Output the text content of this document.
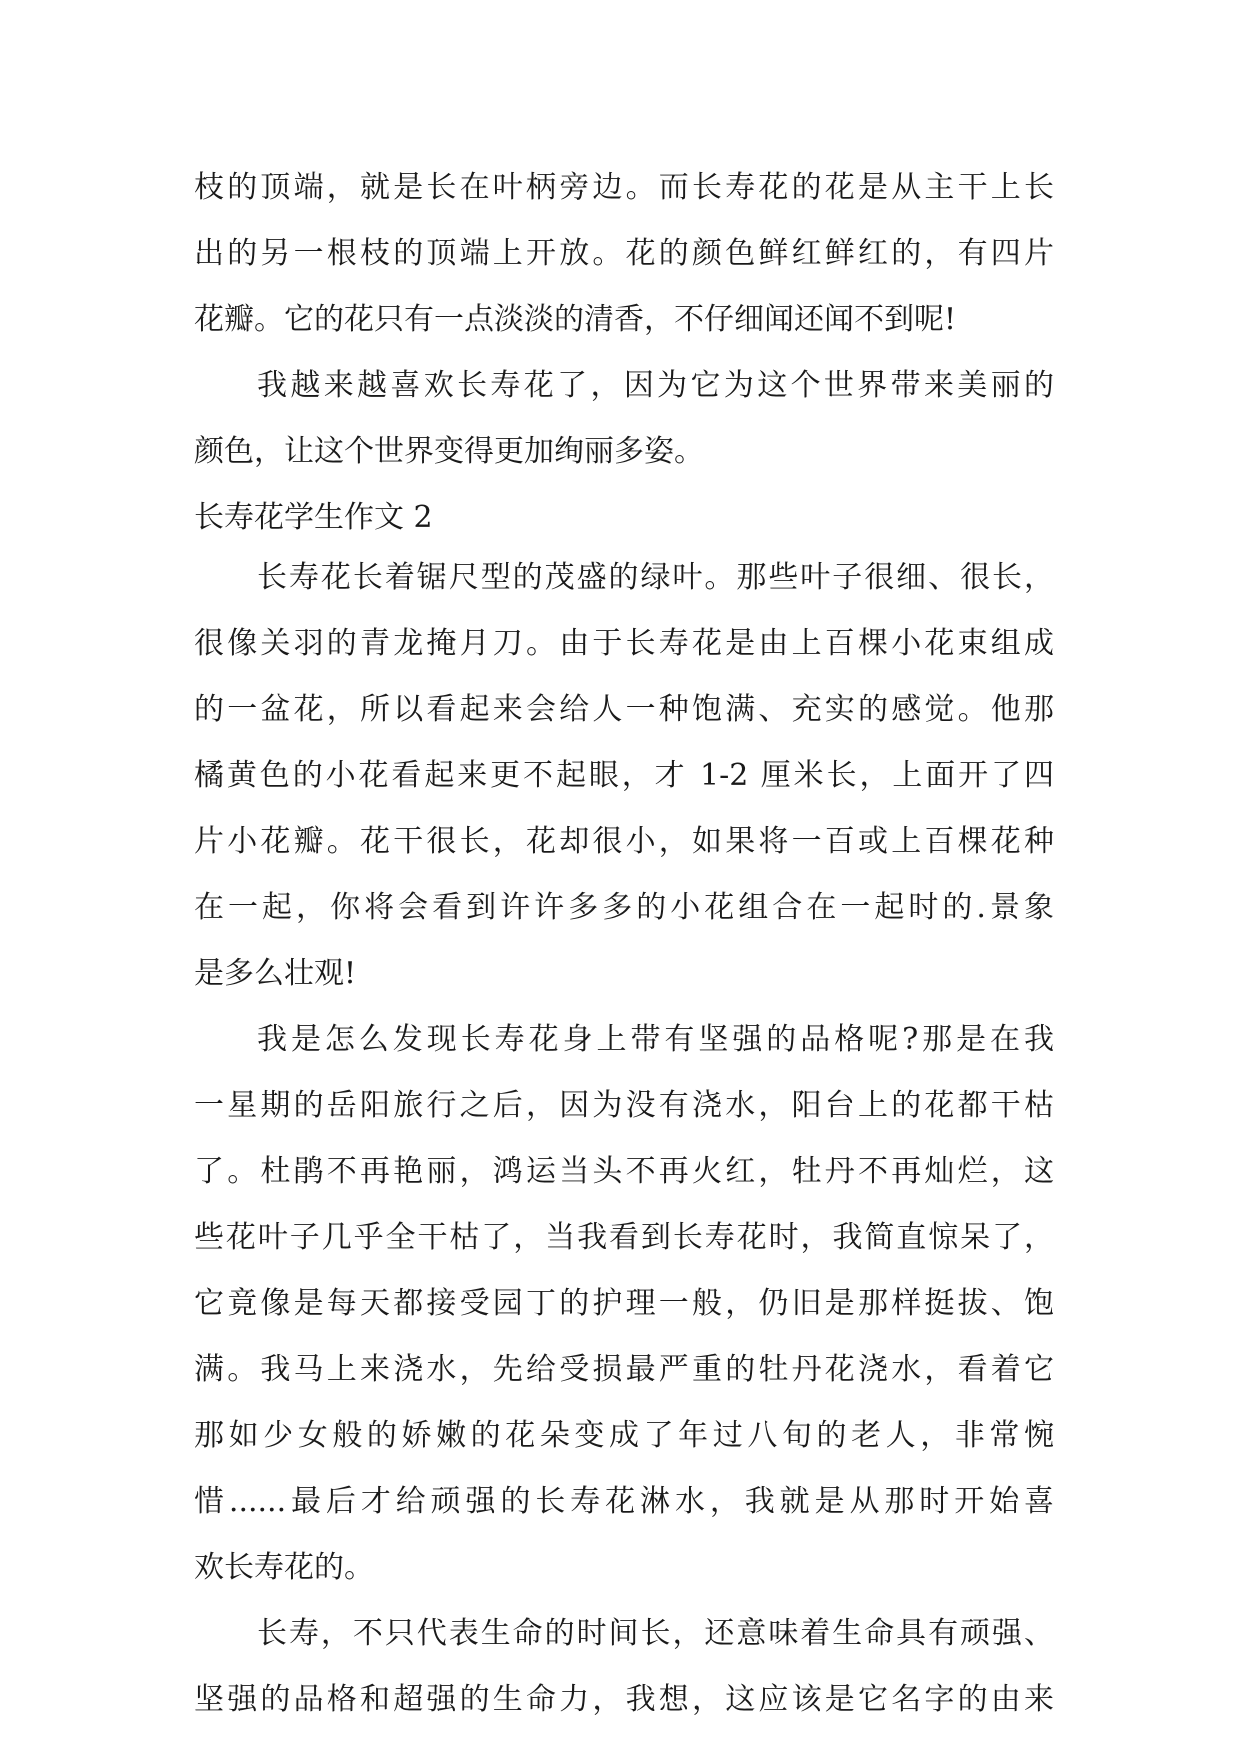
枝的顶端，就是长在叶柄旁边。而长寿花的花是从主干上长
出的另一根枝的顶端上开放。花的颜色鲜红鲜红的，有四片
花瓣。它的花只有一点淡淡的清香，不仔细闻还闻不到呢!
我越来越喜欢长寿花了，因为它为这个世界带来美丽的
颜色，让这个世界变得更加绚丽多姿。
长寿花学生作文 2
长寿花长着锯尺型的茂盛的绿叶。那些叶子很细、很长，
很像关羽的青龙掩月刀。由于长寿花是由上百棵小花束组成
的一盆花，所以看起来会给人一种饱满、充实的感觉。他那
橘黄色的小花看起来更不起眼，才 1-2 厘米长，上面开了四
片小花瓣。花干很长，花却很小，如果将一百或上百棵花种
在一起，你将会看到许许多多的小花组合在一起时的.景象
是多么壮观!
我是怎么发现长寿花身上带有坚强的品格呢?那是在我
一星期的岳阳旅行之后，因为没有浇水，阳台上的花都干枯
了。杜鹃不再艳丽，鸿运当头不再火红，牡丹不再灿烂，这
些花叶子几乎全干枯了，当我看到长寿花时，我简直惊呆了，
它竟像是每天都接受园丁的护理一般，仍旧是那样挺拔、饱
满。我马上来浇水，先给受损最严重的牡丹花浇水，看着它
那如少女般的娇嫩的花朵变成了年过八旬的老人，非常惋
惜......最后才给顽强的长寿花淋水，我就是从那时开始喜
欢长寿花的。
长寿，不只代表生命的时间长，还意味着生命具有顽强、
坚强的品格和超强的生命力，我想，这应该是它名字的由来
